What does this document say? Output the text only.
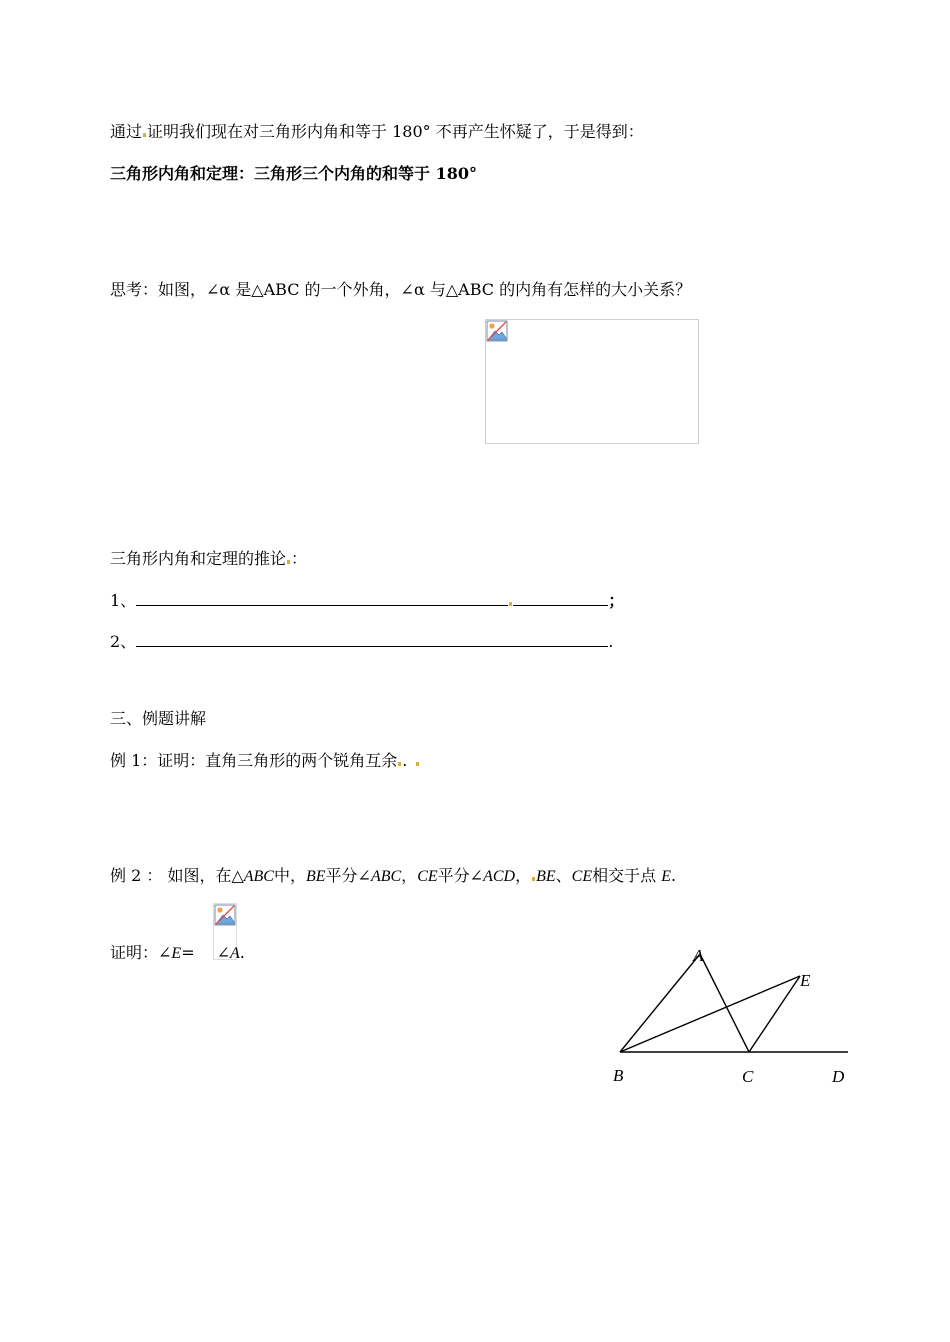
通过 证明我们现在对三角形内角和等于 180° 不再产生怀疑了，于是得到：
三角形内角和定理：三角形三个内角的和等于 180°
思考：如图，∠α 是△ABC 的一个外角，∠α 与△ABC 的内角有怎样的大小关系？
三角形内角和定理的推论 ：
1、	；
2、	.
三、例题讲解
例 1：证明：直角三角形的两个锐角互余 .
例 2 ： 如图，在△ABC中，BE平分∠ABC，CE平分∠ACD， BE、CE相交于点 E.
证明：∠E= ∠A.	A
B	C	D
E
